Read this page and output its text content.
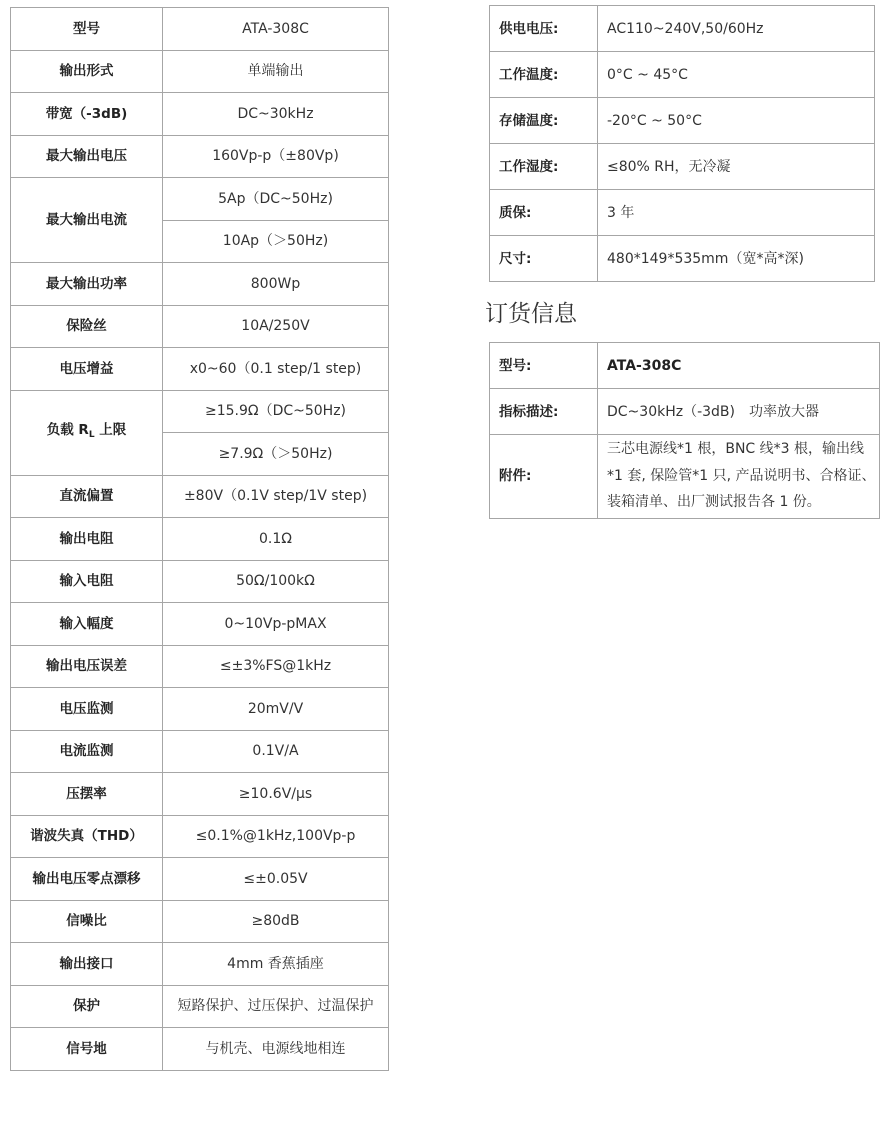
型号	ATA-308C
输出形式	单端输出
带宽（-3dB)	DC~30kHz
最大输出电压	160Vp-p（±80Vp)
最大输出电流	5Ap（DC~50Hz)
	10Ap（＞50Hz)
最大输出功率	800Wp
保险丝	10A/250V
电压增益	x0~60（0.1 step/1 step)
负载 $R_L$ 上限	≥15.9Ω（DC~50Hz)
	≥7.9Ω（＞50Hz)
直流偏置	±80V（0.1V step/1V step)
输出电阻	0.1Ω
输入电阻	50Ω/100kΩ
输入幅度	0~10Vp-pMAX
输出电压误差	≤±3%FS@1kHz
电压监测	20mV/V
电流监测	0.1V/A
压摆率	≥10.6V/μs
谐波失真（THD）	≤0.1%@1kHz,100Vp-p
输出电压零点漂移	≤±0.05V
信噪比	≥80dB
输出接口	4mm 香蕉插座
保护	短路保护、过压保护、过温保护
信号地	与机壳、电源线地相连
供电电压:	AC110~240V,50/60Hz
工作温度:	0°C ~ 45°C
存储温度:	-20°C ~ 50°C
工作湿度:	≤80% RH，无冷凝
质保:	3 年
尺寸:	480*149*535mm（宽*高*深)
订货信息
型号:	ATA-308C
指标描述:	DC~30kHz（-3dB)　功率放大器
附件:	三芯电源线*1 根，BNC 线*3 根，输出线*1 套, 保险管*1 只, 产品说明书、合格证、装箱清单、出厂测试报告各 1 份。
